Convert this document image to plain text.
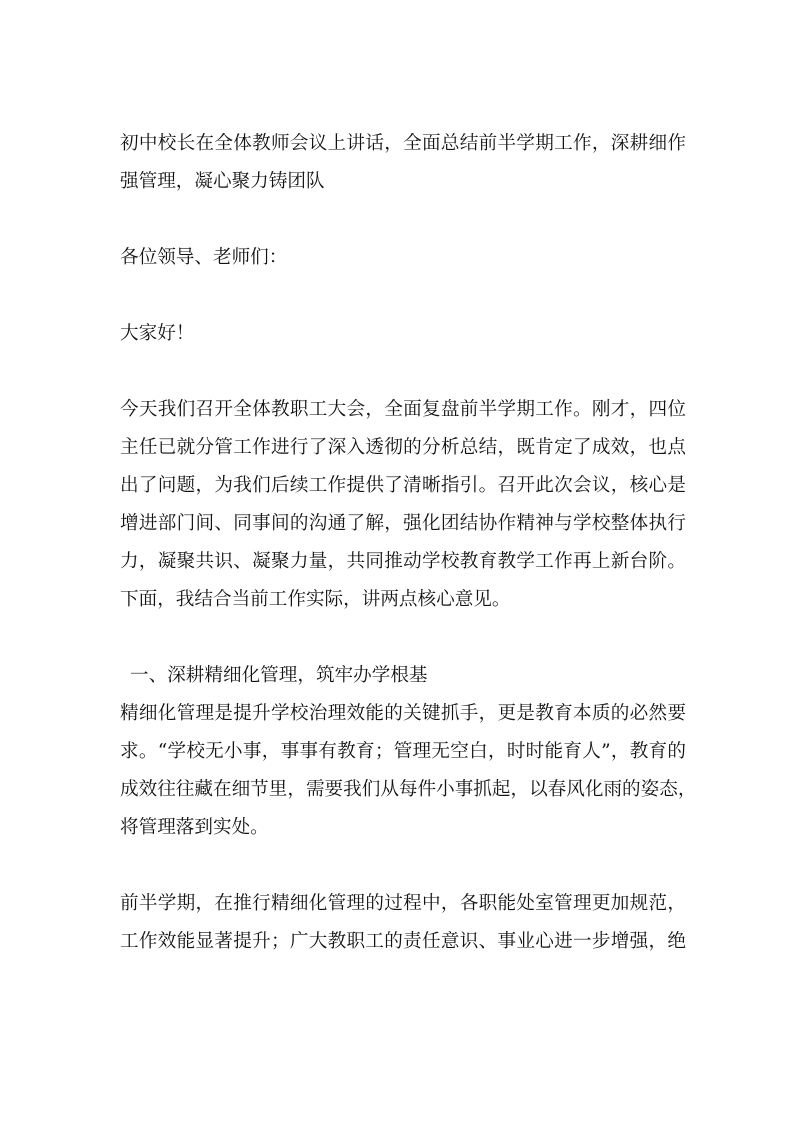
初中校长在全体教师会议上讲话，全面总结前半学期工作，深耕细作
强管理，凝心聚力铸团队
各位领导、老师们：
大家好！
今天我们召开全体教职工大会，全面复盘前半学期工作。刚才，四位
主任已就分管工作进行了深入透彻的分析总结，既肯定了成效，也点
出了问题，为我们后续工作提供了清晰指引。召开此次会议，核心是
增进部门间、同事间的沟通了解，强化团结协作精神与学校整体执行
力，凝聚共识、凝聚力量，共同推动学校教育教学工作再上新台阶。
下面，我结合当前工作实际，讲两点核心意见。
一、深耕精细化管理，筑牢办学根基
精细化管理是提升学校治理效能的关键抓手，更是教育本质的必然要
求。“学校无小事，事事有教育；管理无空白，时时能育人”，教育的
成效往往藏在细节里，需要我们从每件小事抓起，以春风化雨的姿态，
将管理落到实处。
前半学期，在推行精细化管理的过程中，各职能处室管理更加规范，
工作效能显著提升；广大教职工的责任意识、事业心进一步增强，绝
